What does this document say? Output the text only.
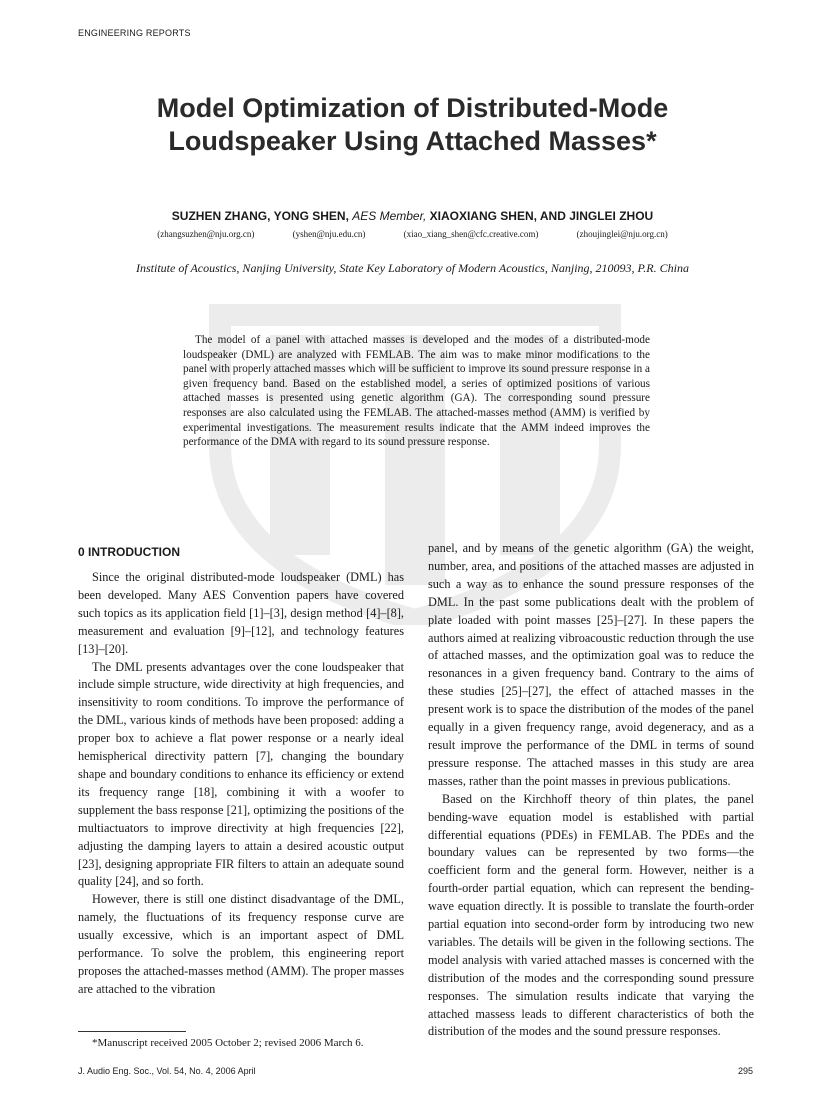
ENGINEERING REPORTS
Model Optimization of Distributed-Mode
Loudspeaker Using Attached Masses*
SUZHEN ZHANG, YONG SHEN, AES Member, XIAOXIANG SHEN, AND JINGLEI ZHOU
(zhangsuzhen@nju.org.cn)	(yshen@nju.edu.cn)	(xiao_xiang_shen@cfc.creative.com)	(zhoujinglei@nju.org.cn)
Institute of Acoustics, Nanjing University, State Key Laboratory of Modern Acoustics, Nanjing, 210093, P.R. China

The model of a panel with attached masses is developed and the modes of a distributed-mode loudspeaker (DML) are analyzed with FEMLAB. The aim was to make minor modifications to the panel with properly attached masses which will be sufficient to improve its sound pressure response in a given frequency band. Based on the established model, a series of optimized positions of various attached masses is presented using genetic algorithm (GA). The corresponding sound pressure responses are also calculated using the FEMLAB. The attached-masses method (AMM) is verified by experimental investigations. The measurement results indicate that the AMM indeed improves the performance of the DMA with regard to its sound pressure response.

0 INTRODUCTION

Since the original distributed-mode loudspeaker (DML) has been developed. Many AES Convention papers have covered such topics as its application field [1]–[3], design method [4]–[8], measurement and evaluation [9]–[12], and technology features [13]–[20].

The DML presents advantages over the cone loudspeaker that include simple structure, wide directivity at high frequencies, and insensitivity to room conditions. To improve the performance of the DML, various kinds of methods have been proposed: adding a proper box to achieve a flat power response or a nearly ideal hemispherical directivity pattern [7], changing the boundary shape and boundary conditions to enhance its efficiency or extend its frequency range [18], combining it with a woofer to supplement the bass response [21], optimizing the positions of the multiactuators to improve directivity at high frequencies [22], adjusting the damping layers to attain a desired acoustic output [23], designing appropriate FIR filters to attain an adequate sound quality [24], and so forth.

However, there is still one distinct disadvantage of the DML, namely, the fluctuations of its frequency response curve are usually excessive, which is an important aspect of DML performance. To solve the problem, this engineering report proposes the attached-masses method (AMM). The proper masses are attached to the vibration

panel, and by means of the genetic algorithm (GA) the weight, number, area, and positions of the attached masses are adjusted in such a way as to enhance the sound pressure responses of the DML. In the past some publications dealt with the problem of plate loaded with point masses [25]–[27]. In these papers the authors aimed at realizing vibroacoustic reduction through the use of attached masses, and the optimization goal was to reduce the resonances in a given frequency band. Contrary to the aims of these studies [25]–[27], the effect of attached masses in the present work is to space the distribution of the modes of the panel equally in a given frequency range, avoid degeneracy, and as a result improve the performance of the DML in terms of sound pressure response. The attached masses in this study are area masses, rather than the point masses in previous publications.

Based on the Kirchhoff theory of thin plates, the panel bending-wave equation model is established with partial differential equations (PDEs) in FEMLAB. The PDEs and the boundary values can be represented by two forms—the coefficient form and the general form. However, neither is a fourth-order partial equation, which can represent the bending-wave equation directly. It is possible to translate the fourth-order partial equation into second-order form by introducing two new variables. The details will be given in the following sections. The model analysis with varied attached masses is concerned with the distribution of the modes and the corresponding sound pressure responses. The simulation results indicate that varying the attached massess leads to different characteristics of both the distribution of the modes and the sound pressure responses.

*Manuscript received 2005 October 2; revised 2006 March 6.
J. Audio Eng. Soc., Vol. 54, No. 4, 2006 April	295
